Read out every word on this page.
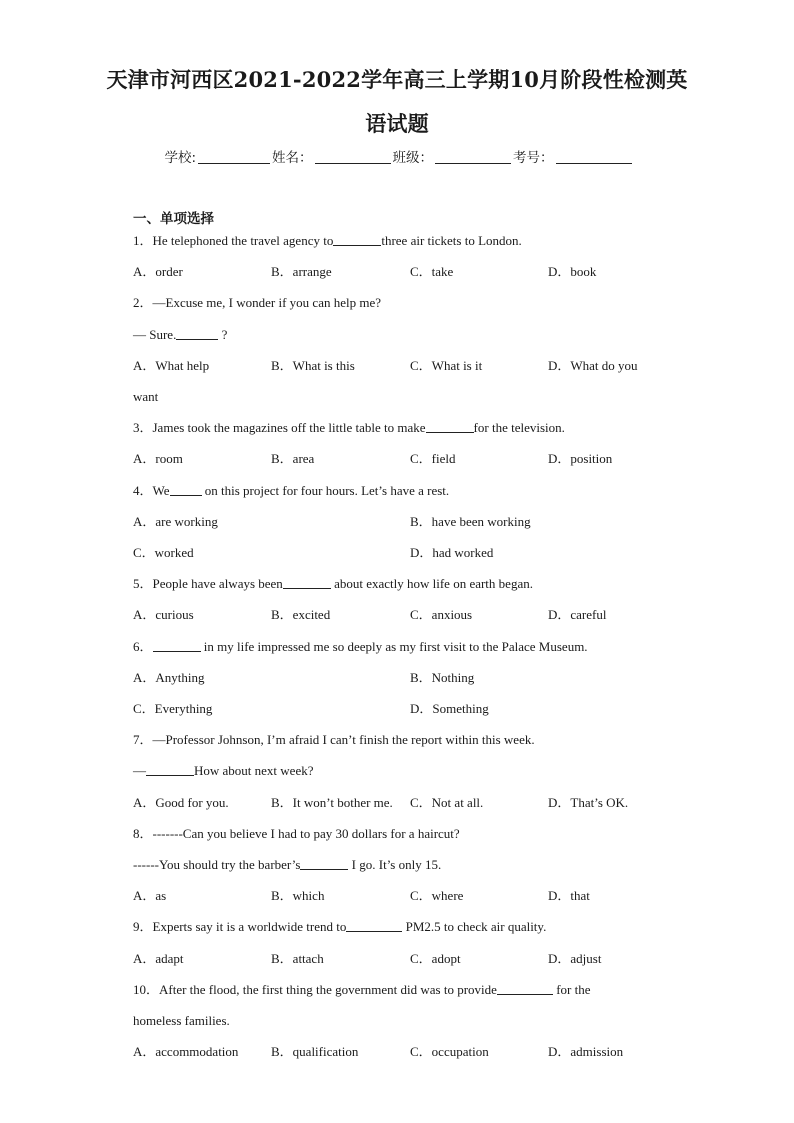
天津市河西区2021-2022学年高三上学期10月阶段性检测英
语试题
学校:	姓名：	班级：	考号：
一、单项选择
1．He telephoned the travel agency to	three air tickets to London.
A．order	B．arrange	C．take	D．book
2．—Excuse me, I wonder if you can help me?
— Sure.	?
A．What help	B．What is this	C．What is it	D．What do you
want
3．James took the magazines off the little table to make	for the television.
A．room	B．area	C．field	D．position
4．We on this project for four hours. Let’s have a rest.
A．are working	B．have been working
C．worked	D．had worked
5．People have always been	about exactly how life on earth began.
A．curious	B．excited	C．anxious	D．careful
6．	in my life impressed me so deeply as my first visit to the Palace Museum.
A．Anything	B．Nothing
C．Everything	D．Something
7．—Professor Johnson, I’m afraid I can’t finish the report within this week.
—	How about next week?
A．Good for you.	B．It won’t bother me. C．Not at all.	D．That’s OK.
8．-------Can you believe I had to pay 30 dollars for a haircut?
------You should try the barber’s	I go. It’s only 15.
A．as	B．which	C．where	D．that
9．Experts say it is a worldwide trend to	PM2.5 to check air quality.
A．adapt	B．attach	C．adopt	D．adjust
10．After the flood, the first thing the government did was to provide	for the
homeless families.
A．accommodation	B．qualification	C．occupation	D．admission
